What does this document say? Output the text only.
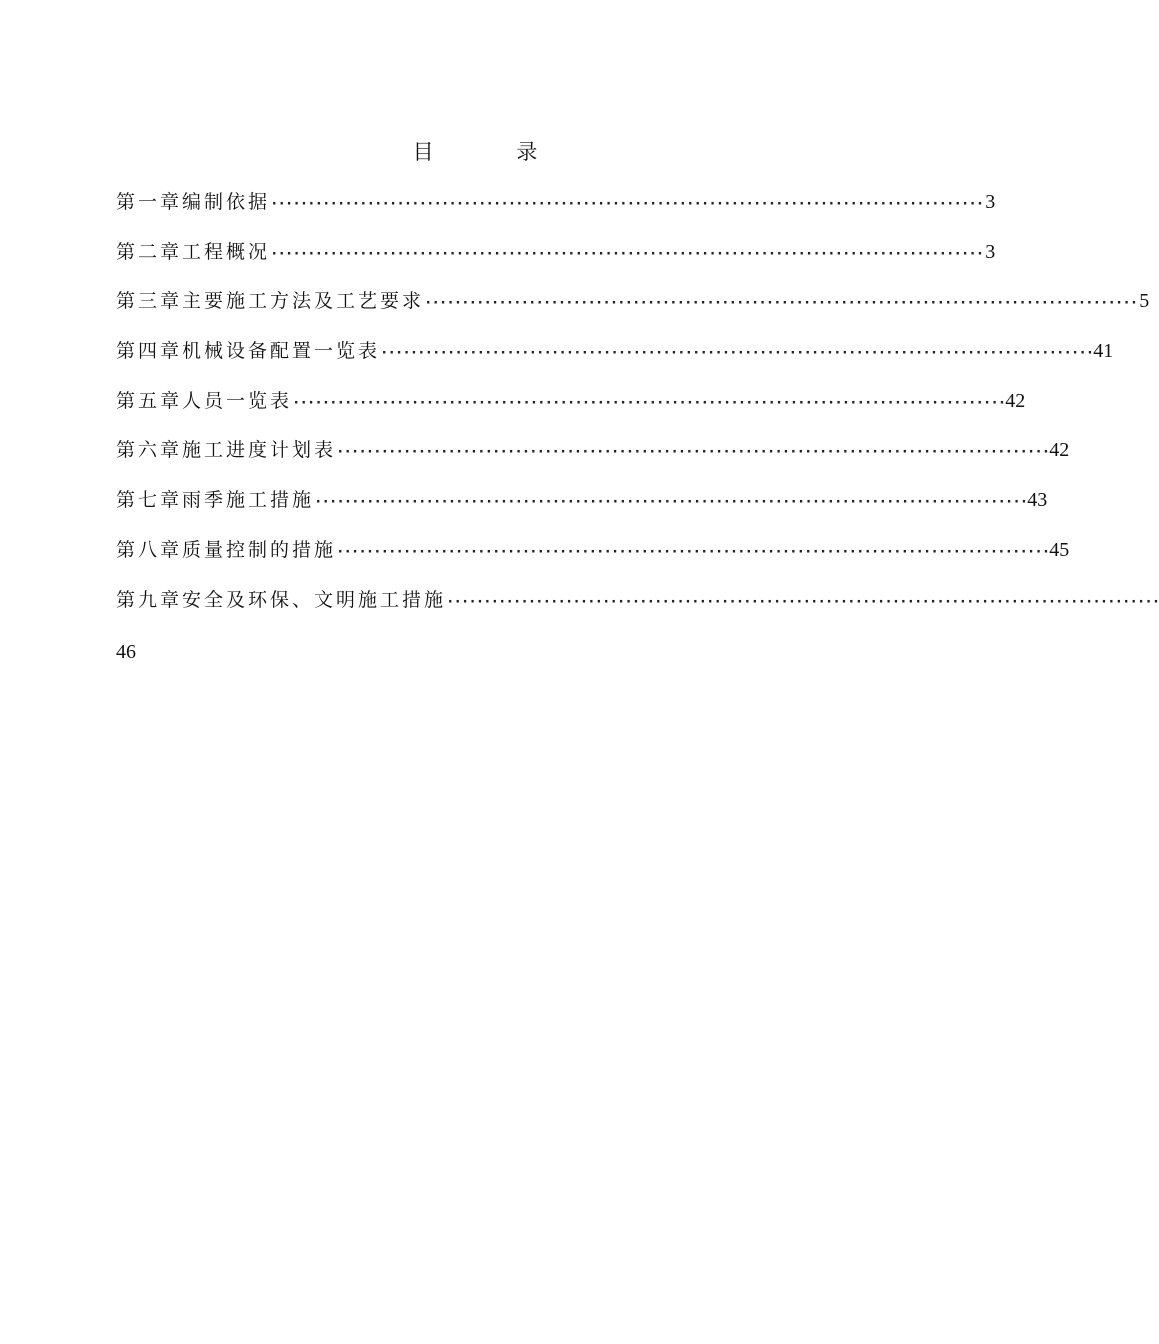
目 录
第一章 编制依据 ································································································ 3
第二章 工程概况 ································································································ 3
第三章 主要施工方法及工艺要求 ································································································ 5
第四章 机械设备配置一览表 ································································································ 41
第五章 人员一览表 ································································································ 42
第六章 施工进度计划表 ································································································ 42
第七章 雨季施工措施 ································································································ 43
第八章 质量控制的措施 ································································································ 45
第九章 安全及环保、文明施工措施 ································································································
46
